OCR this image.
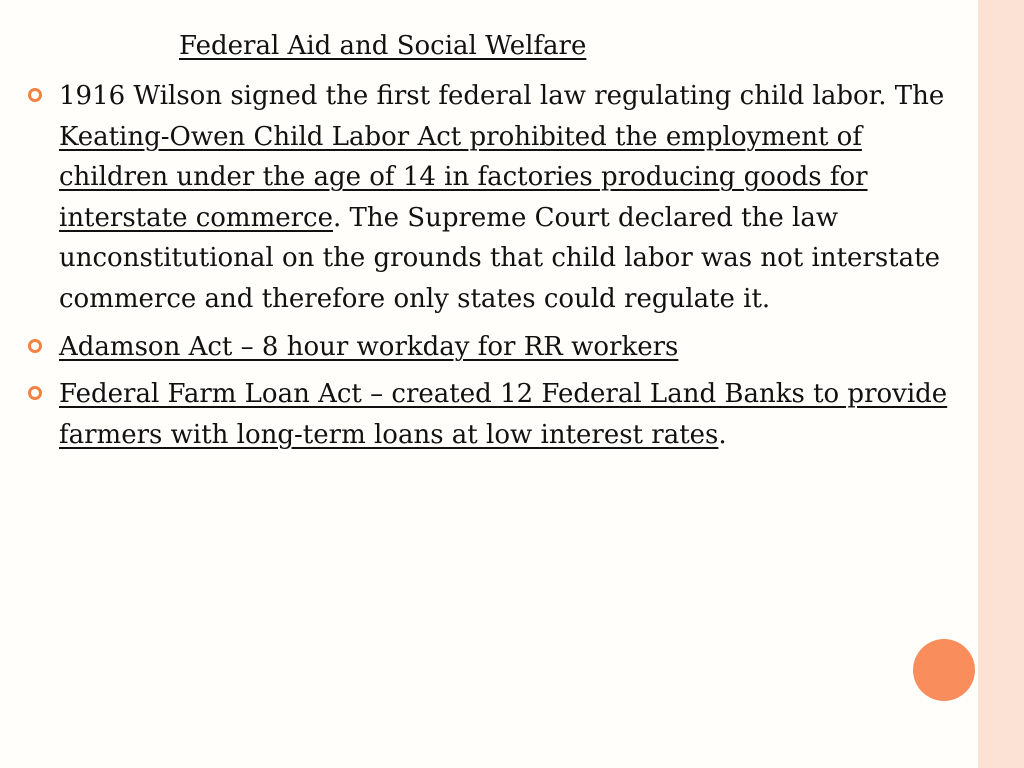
Federal Aid and Social Welfare
1916 Wilson signed the first federal law regulating child labor. The Keating-Owen Child Labor Act prohibited the employment of children under the age of 14 in factories producing goods for interstate commerce. The Supreme Court declared the law unconstitutional on the grounds that child labor was not interstate commerce and therefore only states could regulate it.
Adamson Act – 8 hour workday for RR workers
Federal Farm Loan Act – created 12 Federal Land Banks to provide farmers with long-term loans at low interest rates.
